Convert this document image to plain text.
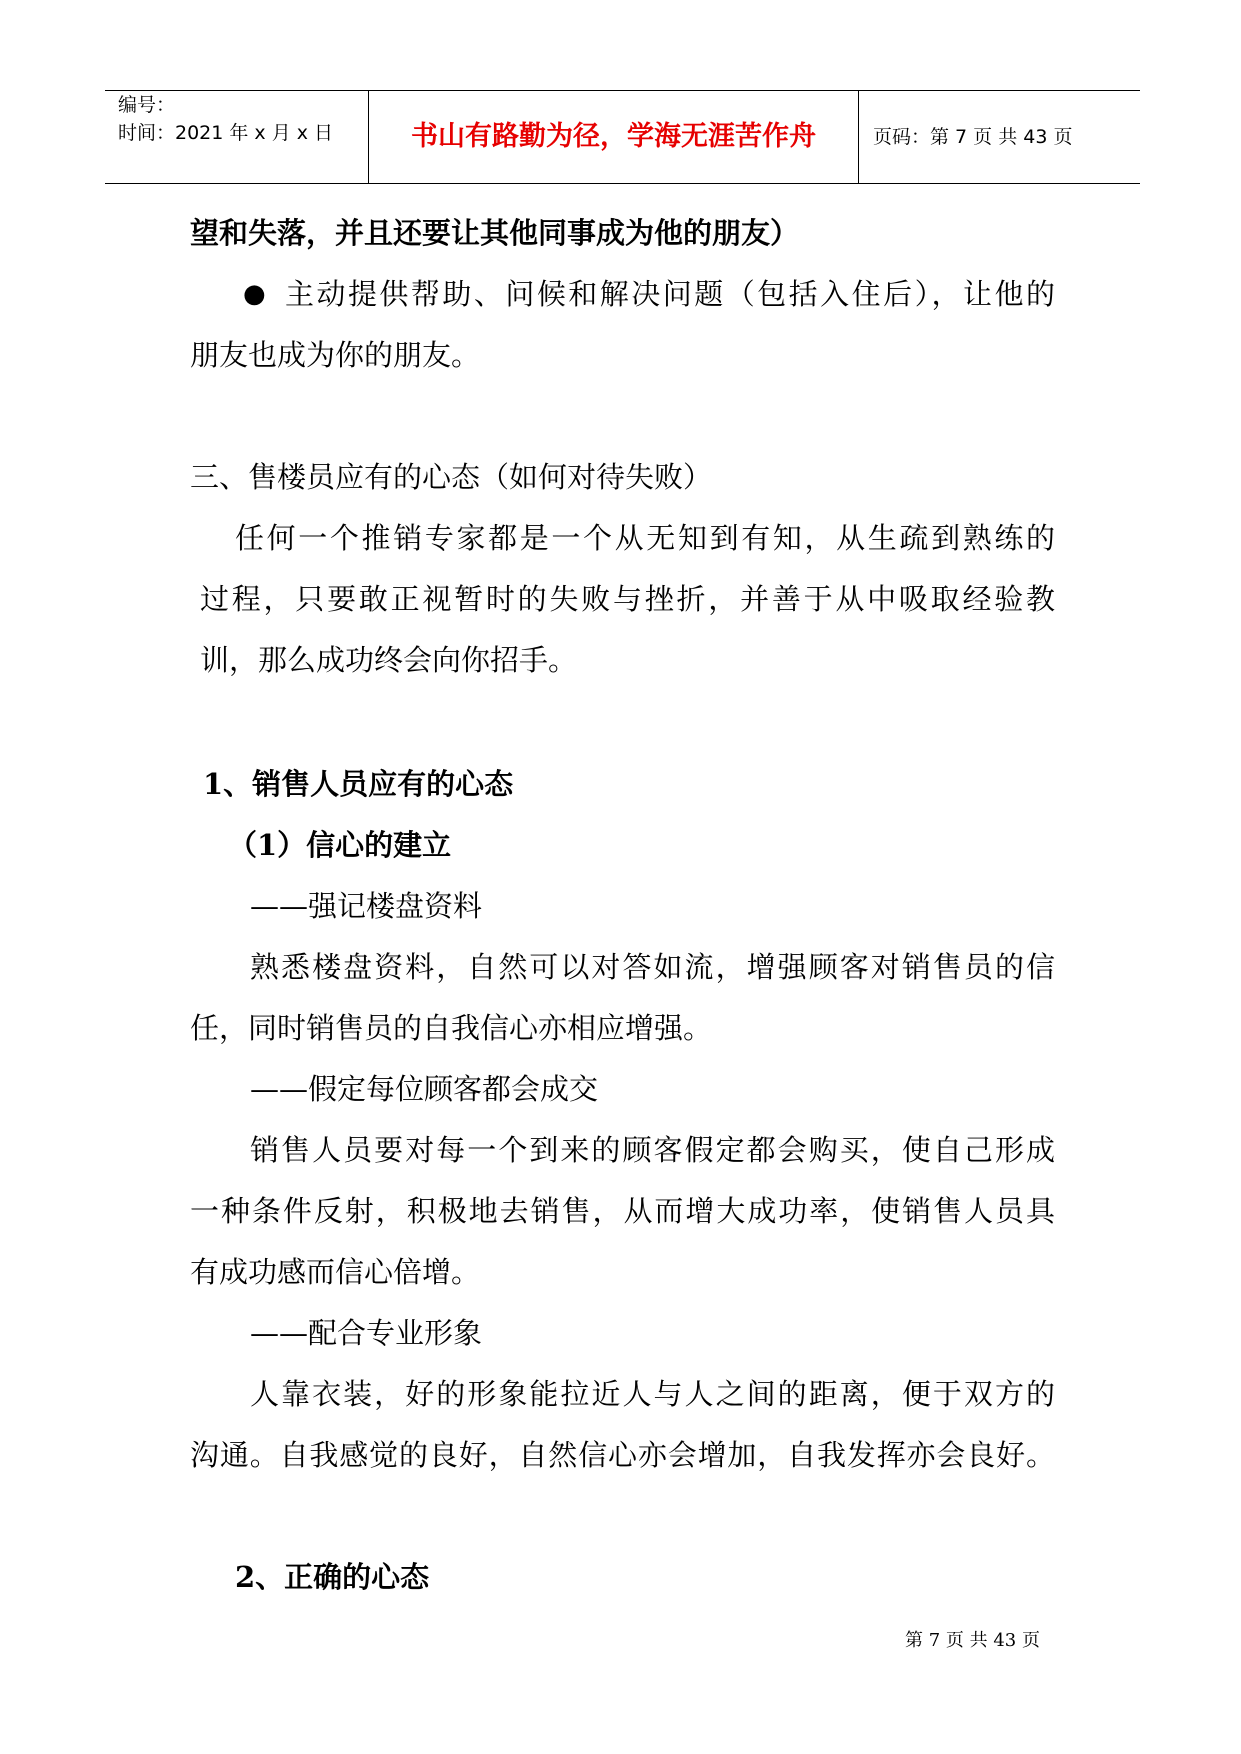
编号：
时间：2021 年 x 月 x 日	书山有路勤为径，学海无涯苦作舟	页码：第 7 页 共 43 页
望和失落，并且还要让其他同事成为他的朋友）
● 主动提供帮助、问候和解决问题（包括入住后），让他的
朋友也成为你的朋友。
三、售楼员应有的心态（如何对待失败）
任何一个推销专家都是一个从无知到有知，从生疏到熟练的
过程，只要敢正视暂时的失败与挫折，并善于从中吸取经验教
训，那么成功终会向你招手。
1、销售人员应有的心态
（1）信心的建立
——强记楼盘资料
熟悉楼盘资料，自然可以对答如流，增强顾客对销售员的信
任，同时销售员的自我信心亦相应增强。
——假定每位顾客都会成交
销售人员要对每一个到来的顾客假定都会购买，使自己形成
一种条件反射，积极地去销售，从而增大成功率，使销售人员具
有成功感而信心倍增。
——配合专业形象
人靠衣装，好的形象能拉近人与人之间的距离，便于双方的
沟通。自我感觉的良好，自然信心亦会增加，自我发挥亦会良好。
2、正确的心态
第 7 页 共 43 页
